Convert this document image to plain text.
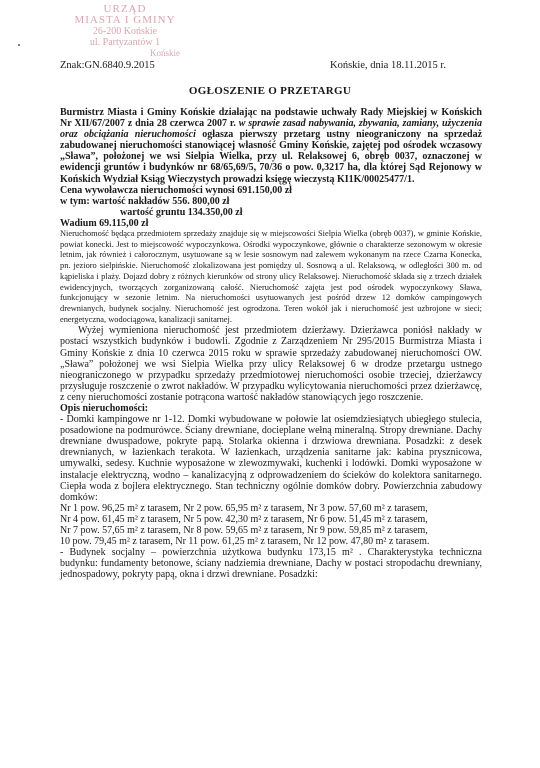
URZĄD
MIASTA I GMINY
26-200 Końskie
ul. Partyzantów 1
Końskie
Znak:GN.6840.9.2015	Końskie, dnia 18.11.2015 r.
OGŁOSZENIE O PRZETARGU

Burmistrz Miasta i Gminy Końskie działając na podstawie uchwały Rady Miejskiej w Końskich Nr XII/67/2007 z dnia 28 czerwca 2007 r. w sprawie zasad nabywania, zbywania, zamiany, użyczenia oraz obciążania nieruchomości ogłasza pierwszy przetarg ustny nieograniczony na sprzedaż zabudowanej nieruchomości stanowiącej własność Gminy Końskie, zajętej pod ośrodek wczasowy „Sława”, położonej we wsi Sielpia Wielka, przy ul. Relaksowej 6, obręb 0037, oznaczonej w ewidencji gruntów i budynków nr 68/65,69/5, 70/36 o pow. 0,3217 ha, dla której Sąd Rejonowy w Końskich Wydział Ksiąg Wieczystych prowadzi księgę wieczystą KI1K/00025477/1.

Cena wywoławcza nieruchomości wynosi 691.150,00 zł

w tym: wartość nakładów 556. 800,00 zł

wartość gruntu 134.350,00 zł

Wadium 69.115,00 zł

Nieruchomość będąca przedmiotem sprzedaży znajduje się w miejscowości Sielpia Wielka (obręb 0037), w gminie Końskie, powiat konecki. Jest to miejscowość wypoczynkowa. Ośrodki wypoczynkowe, głównie o charakterze sezonowym w okresie letnim, jak również i całorocznym, usytuowane są w lesie sosnowym nad zalewem wykonanym na rzece Czarna Konecka, pn. jezioro sielpińskie. Nieruchomość zlokalizowana jest pomiędzy ul. Sosnową a ul. Relaksową, w odległości 300 m. od kąpieliska i plaży. Dojazd dobry z różnych kierunków od strony ulicy Relaksowej. Nieruchomość składa się z trzech działek ewidencyjnych, tworzących zorganizowaną całość. Nieruchomość zajęta jest pod ośrodek wypoczynkowy Sława, funkcjonujący w sezonie letnim. Na nieruchomości usytuowanych jest pośród drzew 12 domków campingowych drewnianych, budynek socjalny. Nieruchomość jest ogrodzona. Teren wokół jak i nieruchomość jest uzbrojone w sieci; energetyczna, wodociągowa, kanalizacji sanitarnej.

Wyżej wymieniona nieruchomość jest przedmiotem dzierżawy. Dzierżawca poniósł nakłady w postaci wszystkich budynków i budowli. Zgodnie z Zarządzeniem Nr 295/2015 Burmistrza Miasta i Gminy Końskie z dnia 10 czerwca 2015 roku w sprawie sprzedaży zabudowanej nieruchomości OW. „Sława” położonej we wsi Sielpia Wielka przy ulicy Relaksowej 6 w drodze przetargu ustnego nieograniczonego w przypadku sprzedaży przedmiotowej nieruchomości osobie trzeciej, dzierżawcy przysługuje roszczenie o zwrot nakładów. W przypadku wylicytowania nieruchomości przez dzierżawcę, z ceny nieruchomości zostanie potrącona wartość nakładów stanowiących jego roszczenie.

Opis nieruchomości:

- Domki kampingowe nr 1-12. Domki wybudowane w połowie lat osiemdziesiątych ubiegłego stulecia, posadowione na podmurówce. Ściany drewniane, docieplane wełną mineralną. Stropy drewniane. Dachy drewniane dwuspadowe, pokryte papą. Stolarka okienna i drzwiowa drewniana. Posadzki: z desek drewnianych, w łazienkach terakota. W łazienkach, urządzenia sanitarne jak: kabina prysznicowa, umywalki, sedesy. Kuchnie wyposażone w zlewozmywaki, kuchenki i lodówki. Domki wyposażone w instalacje elektryczną, wodno – kanalizacyjną z odprowadzeniem do ścieków do kolektora sanitarnego. Ciepła woda z bojlera elektrycznego. Stan techniczny ogólnie domków dobry. Powierzchnia zabudowy domków:

Nr 1 pow. 96,25 m² z tarasem, Nr 2 pow. 65,95 m² z tarasem, Nr 3 pow. 57,60 m² z tarasem,

Nr 4 pow. 61,45 m² z tarasem, Nr 5 pow. 42,30 m² z tarasem, Nr 6 pow. 51,45 m² z tarasem,

Nr 7 pow. 57,65 m² z tarasem, Nr 8 pow. 59,65 m² z tarasem, Nr 9 pow. 59,85 m² z tarasem,

10 pow. 79,45 m² z tarasem, Nr 11 pow. 61,25 m² z tarasem, Nr 12 pow. 47,80 m² z tarasem.

- Budynek socjalny – powierzchnia użytkowa budynku 173,15 m² . Charakterystyka techniczna budynku: fundamenty betonowe, ściany nadziemia drewniane, Dachy w postaci stropodachu drewniany, jednospadowy, pokryty papą, okna i drzwi drewniane. Posadzki:
